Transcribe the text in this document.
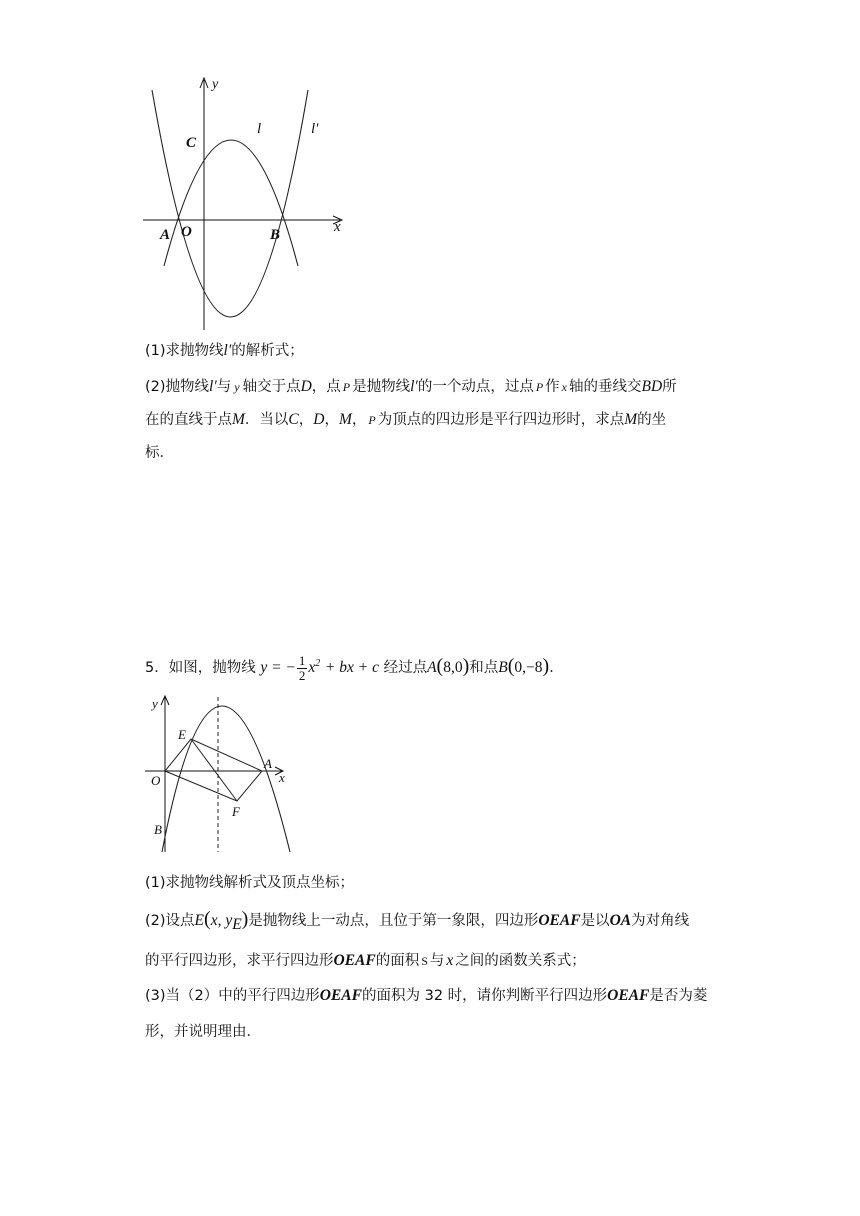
y
x
C
l	l′
A O	B
(1)求抛物线l′的解析式；
(2)抛物线l′与 y 轴交于点D，点 P 是抛物线l′的一个动点，过点 P 作 x 轴的垂线交BD所
在的直线于点M．当以C，D，M， P 为顶点的四边形是平行四边形时，求点M的坐
标．
5．如图，抛物线 y = − $\frac{1}{2} x^2$ + bx + c 经过点A(8,0)和点B(0,−8)．
y
E
O
A
x
F
B
(1)求抛物线解析式及顶点坐标；
(2)设点E(x, $y_E$)是抛物线上一动点，且位于第一象限，四边形OEAF是以OA为对角线
的平行四边形，求平行四边形OEAF的面积 S 与 x 之间的函数关系式；
(3)当（2）中的平行四边形OEAF的面积为 32 时，请你判断平行四边形OEAF是否为菱
形，并说明理由．
